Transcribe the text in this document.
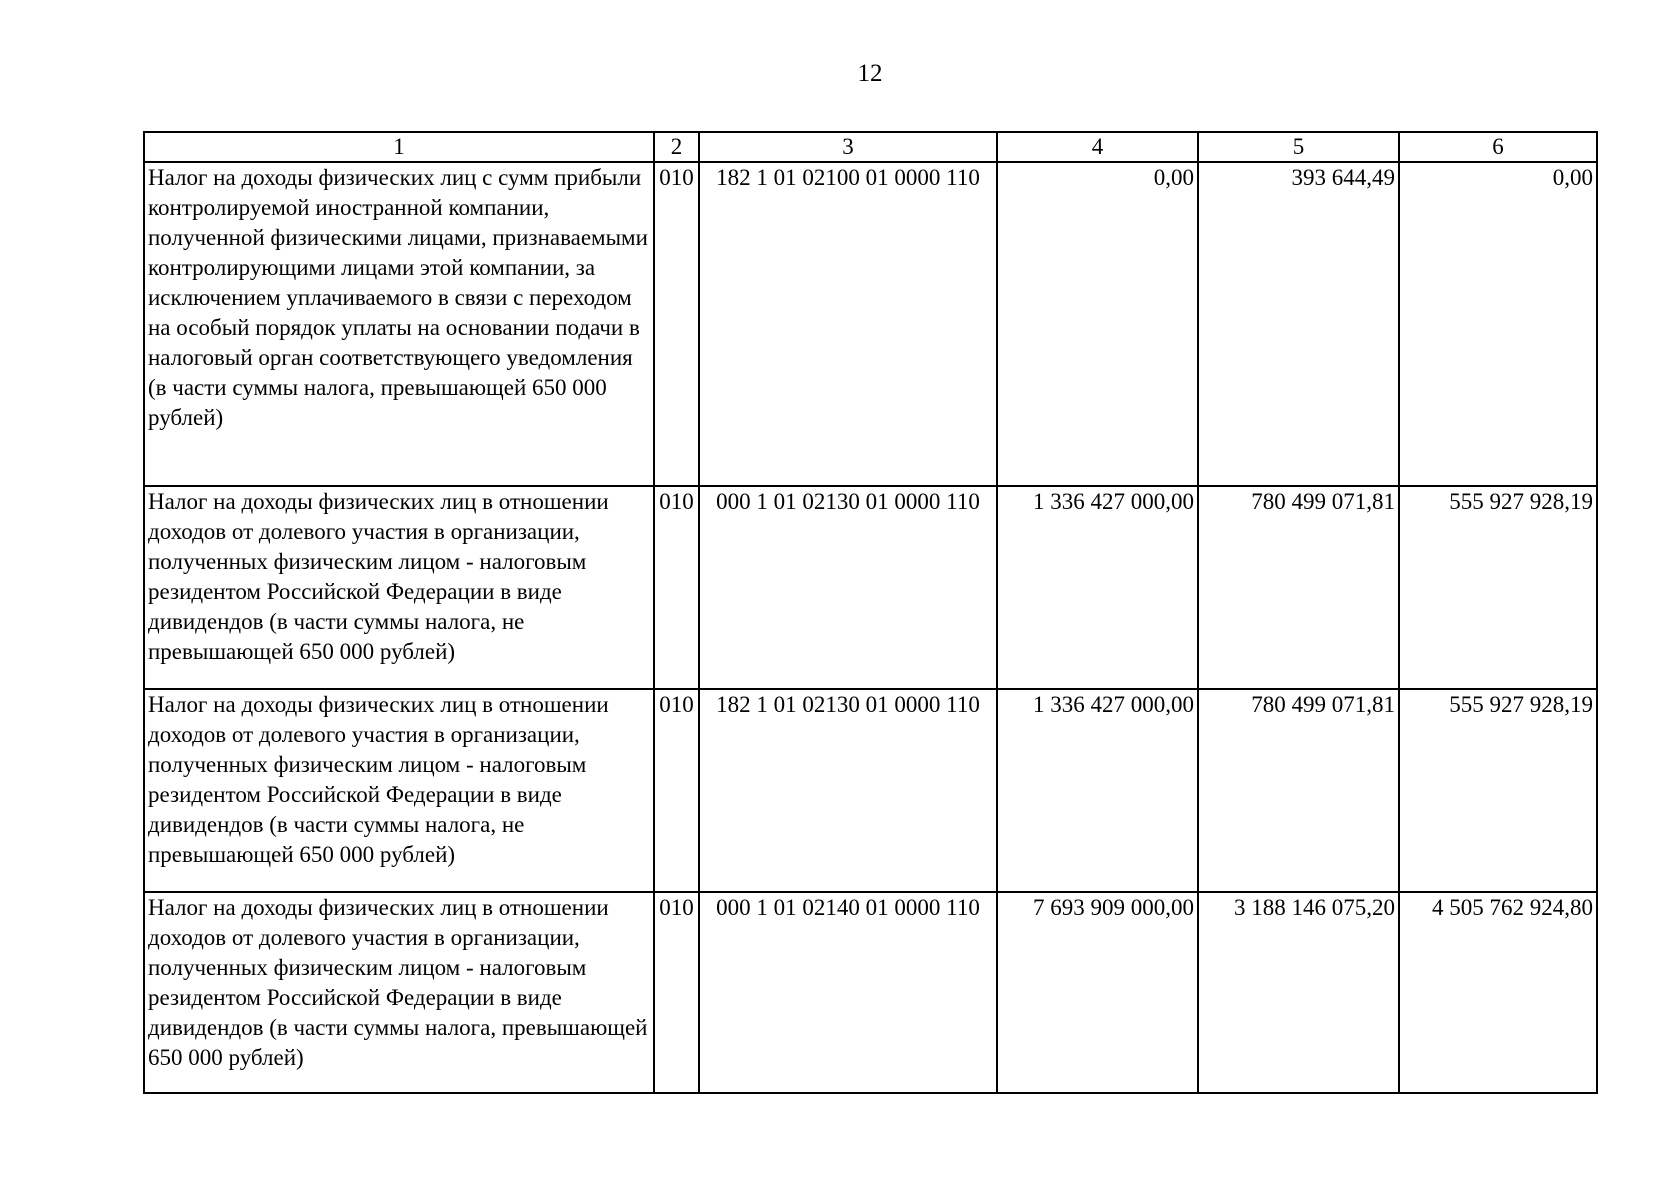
12
1	2	3	4	5	6
Налог на доходы физических лиц с сумм прибыли контролируемой иностранной компании, полученной физическими лицами, признаваемыми контролирующими лицами этой компании, за исключением уплачиваемого в связи с переходом на особый порядок уплаты на основании подачи в налоговый орган соответствующего уведомления (в части суммы налога, превышающей 650 000 рублей)	010	182 1 01 02100 01 0000 110	0,00	393 644,49	0,00
Налог на доходы физических лиц в отношении доходов от долевого участия в организации, полученных физическим лицом - налоговым резидентом Российской Федерации в виде дивидендов (в части суммы налога, не превышающей 650 000 рублей)	010	000 1 01 02130 01 0000 110	1 336 427 000,00	780 499 071,81	555 927 928,19
Налог на доходы физических лиц в отношении доходов от долевого участия в организации, полученных физическим лицом - налоговым резидентом Российской Федерации в виде дивидендов (в части суммы налога, не превышающей 650 000 рублей)	010	182 1 01 02130 01 0000 110	1 336 427 000,00	780 499 071,81	555 927 928,19
Налог на доходы физических лиц в отношении доходов от долевого участия в организации, полученных физическим лицом - налоговым резидентом Российской Федерации в виде дивидендов (в части суммы налога, превышающей 650 000 рублей)	010	000 1 01 02140 01 0000 110	7 693 909 000,00	3 188 146 075,20	4 505 762 924,80
